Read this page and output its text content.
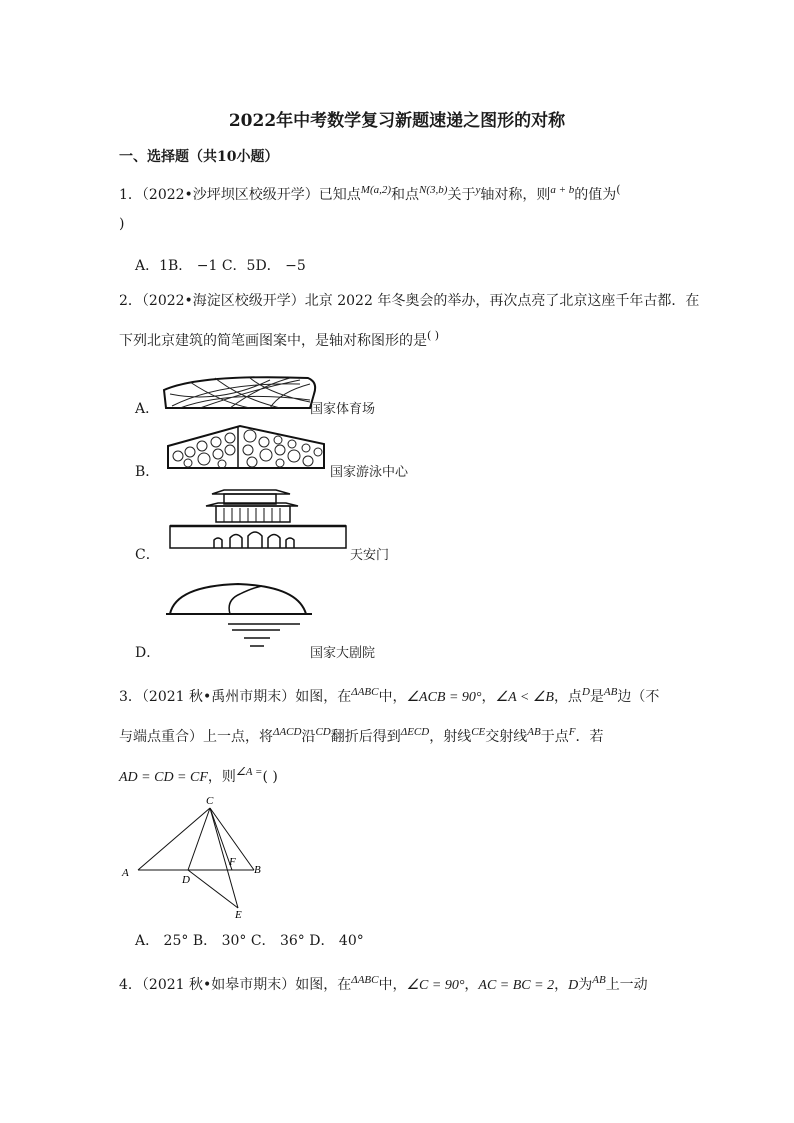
2022年中考数学复习新题速递之图形的对称
一、选择题（共10小题）
1．（2022•沙坪坝区校级开学）已知点$^{M(a,2)}$和点$^{N(3,b)}$关于$^y$轴对称，则$^{a + b}$的值为(
)
A．1B． −1 C．5D． −5
2．（2022•海淀区校级开学）北京 2022 年冬奥会的举办，再次点亮了北京这座千年古都．在
下列北京建筑的简笔画图案中，是轴对称图形的是( )
A．
B．
C．
D．
国家体育场
国家游泳中心
天安门
国家大剧院
3．（2021 秋•禹州市期末）如图，在$^{\Delta ABC}$中，∠ACB = 90°，∠A < ∠B，点$^D$是$^{AB}$边（不
与端点重合）上一点，将$^{\Delta ACD}$沿$^{CD}$翻折后得到$^{\Delta ECD}$，射线$^{CE}$交射线$^{AB}$于点$^F$．若
AD = CD = CF，则$^{\angle A =}$( )
C
A
D
F
B
E
A． 25° B． 30° C． 36° D． 40°
4．（2021 秋•如皋市期末）如图，在$^{\Delta ABC}$中，∠C = 90°，AC = BC = 2，D为$^{AB}$上一动
